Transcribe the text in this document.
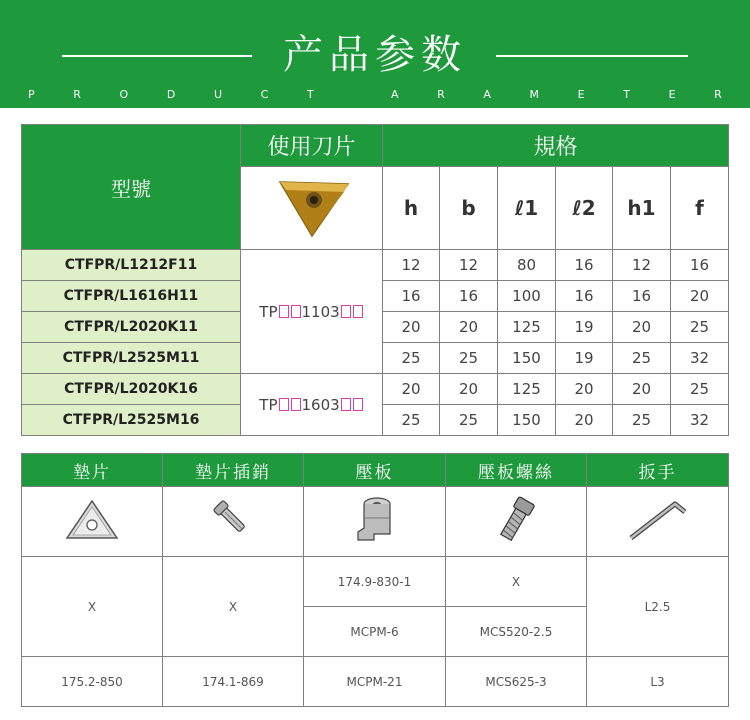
产品参数
P	R	O	D	U	C	T	A	R	A	M	E	T	E	R
型號	使用刀片	規格					
	h	b	ℓ1	ℓ2	h1	f
CTFPR/L1212F11	TP 1103	12	12	80	16	12	16
CTFPR/L1616H11		16	16	100	16	16	20
CTFPR/L2020K11		20	20	125	19	20	25
CTFPR/L2525M11		25	25	150	19	25	32
CTFPR/L2020K16	TP 1603	20	20	125	20	20	25
CTFPR/L2525M16		25	25	150	20	25	32
墊片	墊片插銷	壓板	壓板螺絲	扳手

X	X	174.9-830-1	X	L2.5
		MCPM-6	MCS520-2.5	
175.2-850	174.1-869	MCPM-21	MCS625-3	L3
